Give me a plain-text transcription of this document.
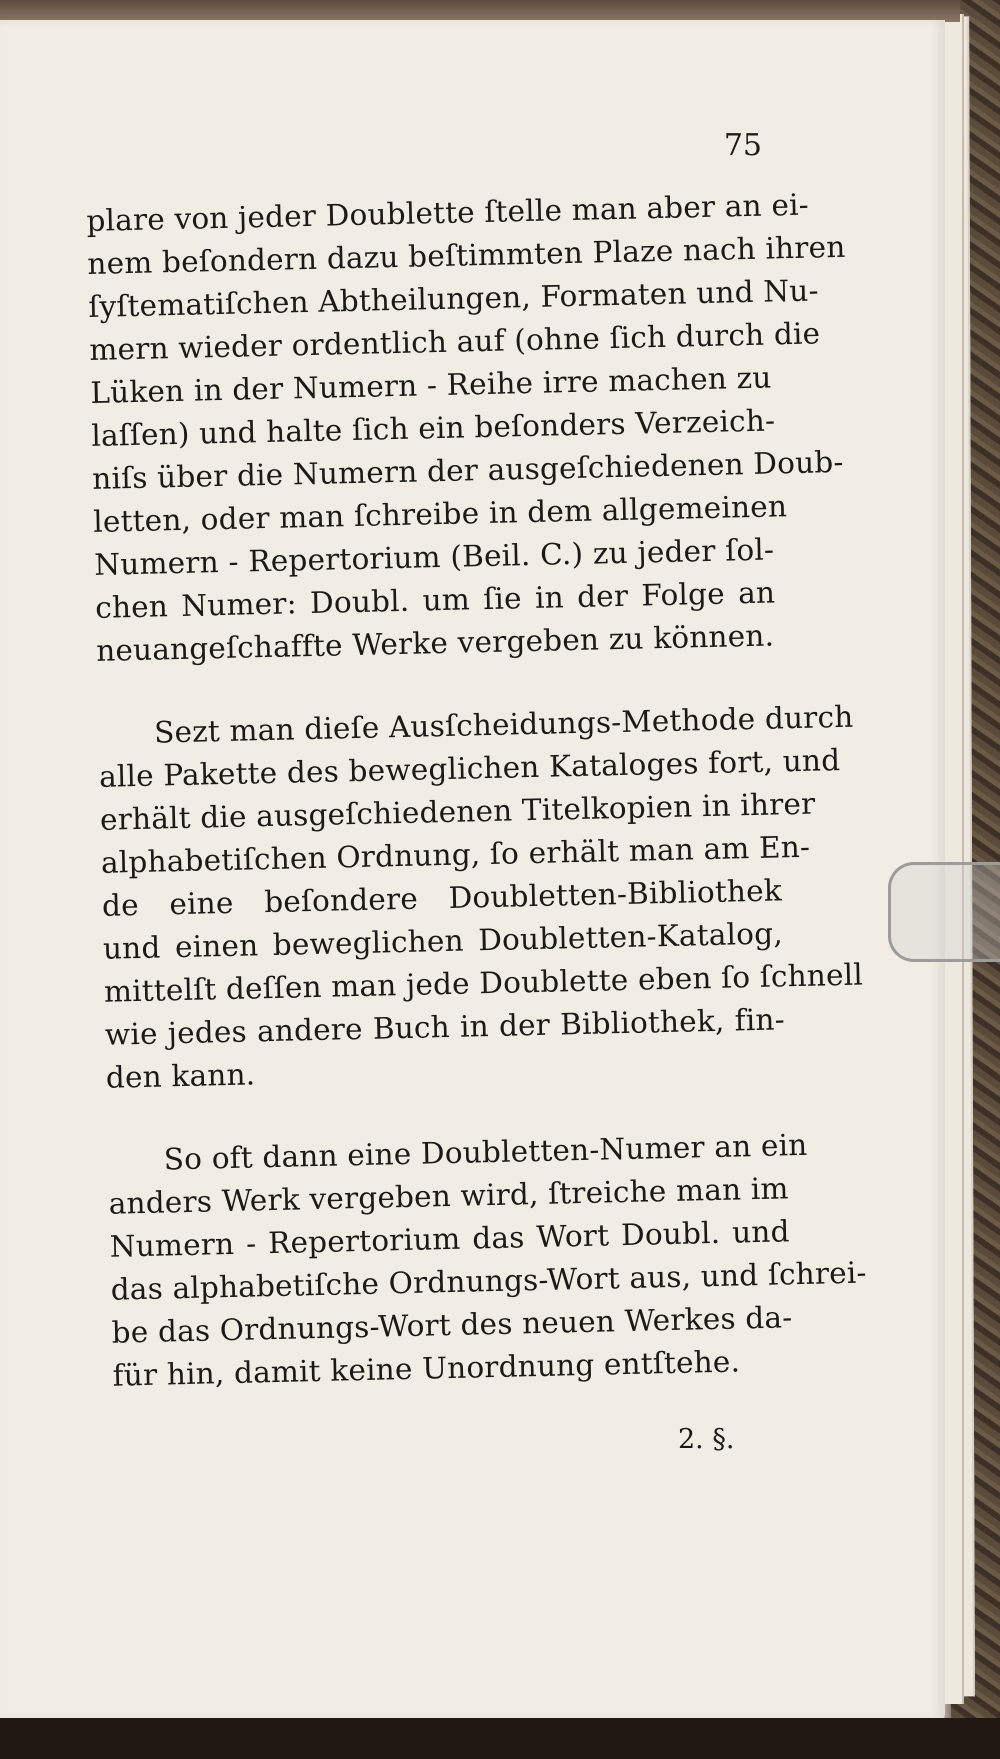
75
plare von jeder Doublette ſtelle man aber an ei-
nem beſondern dazu beſtimmten Plaze nach ihren
ſyſtematiſchen Abtheilungen, Formaten und Nu-
mern wieder ordentlich auf (ohne ſich durch die
Lüken in der Numern - Reihe irre machen zu
laſſen) und halte ſich ein beſonders Verzeich-
niſs über die Numern der ausgeſchiedenen Doub-
letten, oder man ſchreibe in dem allgemeinen
Numern - Repertorium (Beil. C.) zu jeder ſol-
chen Numer: Doubl. um ſie in der Folge an
neuangeſchaffte Werke vergeben zu können.
Sezt man dieſe Ausſcheidungs-Methode durch
alle Pakette des beweglichen Kataloges fort, und
erhält die ausgeſchiedenen Titelkopien in ihrer
alphabetiſchen Ordnung, ſo erhält man am En-
de eine beſondere Doubletten-Bibliothek
und einen beweglichen Doubletten-Katalog,
mittelſt deſſen man jede Doublette eben ſo ſchnell
wie jedes andere Buch in der Bibliothek, fin-
den kann.
So oft dann eine Doubletten-Numer an ein
anders Werk vergeben wird, ſtreiche man im
Numern - Repertorium das Wort Doubl. und
das alphabetiſche Ordnungs-Wort aus, und ſchrei-
be das Ordnungs-Wort des neuen Werkes da-
für hin, damit keine Unordnung entſtehe.
2. §.
